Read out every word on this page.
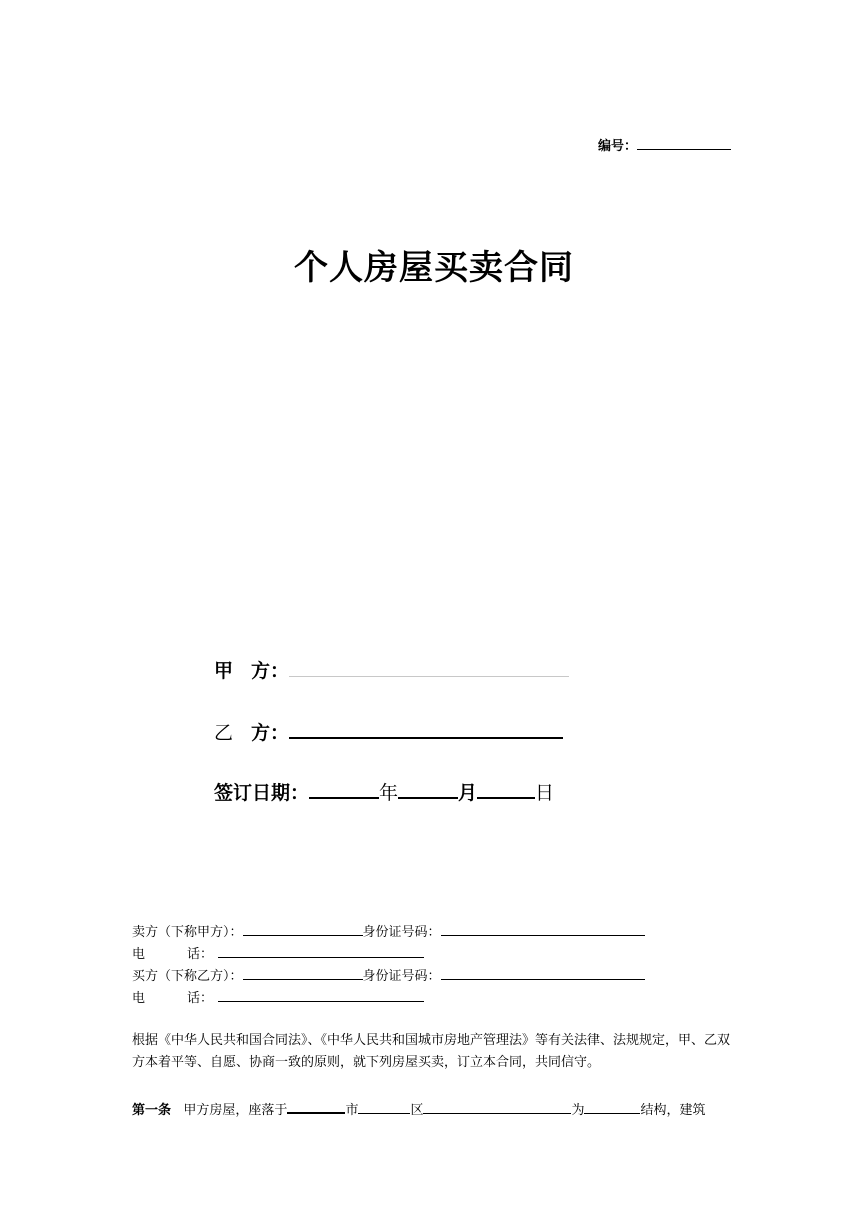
编号：
个人房屋买卖合同
甲 方：
乙 方：
签订日期：	年	月	日
卖方（下称甲方）：	身份证号码：
电	话：
买方（下称乙方）：	身份证号码：
电	话：
根据《中华人民共和国合同法》、《中华人民共和国城市房地产管理法》等有关法律、法规规定，甲、乙双方本着平等、自愿、协商一致的原则，就下列房屋买卖，订立本合同，共同信守。
第一条 甲方房屋，座落于	市	区	为	结构，建筑
